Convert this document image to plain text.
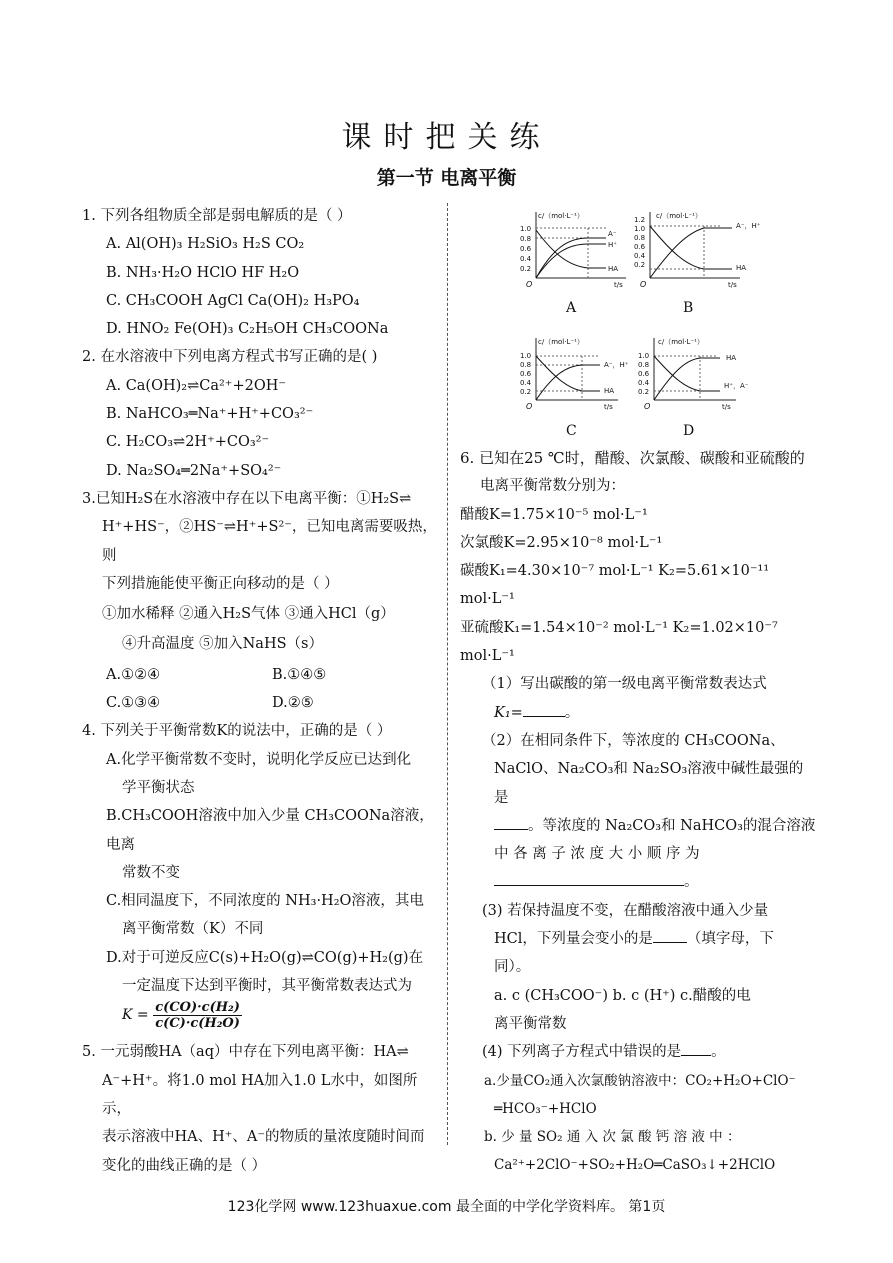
课时把关练
第一节 电离平衡

1. 下列各组物质全部是弱电解质的是（ ）

A. Al(OH)₃ H₂SiO₃ H₂S CO₂
B. NH₃·H₂O HClO HF H₂O
C. CH₃COOH AgCl Ca(OH)₂ H₃PO₄
D. HNO₂ Fe(OH)₃ C₂H₅OH CH₃COONa

2. 在水溶液中下列电离方程式书写正确的是( )

A. Ca(OH)₂⇌Ca²⁺+2OH⁻
B. NaHCO₃═Na⁺+H⁺+CO₃²⁻
C. H₂CO₃⇌2H⁺+CO₃²⁻
D. Na₂SO₄═2Na⁺+SO₄²⁻

3.已知H₂S在水溶液中存在以下电离平衡：①H₂S⇌

H⁺+HS⁻，②HS⁻⇌H⁺+S²⁻，已知电离需要吸热，则

下列措施能使平衡正向移动的是（ ）

①加水稀释 ②通入H₂S气体 ③通入HCl（g）
④升高温度 ⑤加入NaHS（s）
A.①②④	B.①④⑤
C.①③④	D.②⑤

4. 下列关于平衡常数K的说法中，正确的是（ ）

A.化学平衡常数不变时，说明化学反应已达到化
学平衡状态
B.CH₃COOH溶液中加入少量 CH₃COONa溶液，电离
常数不变
C.相同温度下，不同浓度的 NH₃·H₂O溶液，其电
离平衡常数（K）不同
D.对于可逆反应C(s)+H₂O(g)⇌CO(g)+H₂(g)在
一定温度下达到平衡时，其平衡常数表达式为
$K = \frac{\text{c(CO)·c(H₂)}}{\text{c(C)·c(H₂O)}}$

5. 一元弱酸HA（aq）中存在下列电离平衡：HA⇌

A⁻+H⁺。将1.0 mol HA加入1.0 L水中，如图所示，

表示溶液中HA、H⁺、A⁻的物质的量浓度随时间而

变化的曲线正确的是（ ）

c/（mol·L⁻¹）
1.0
0.8
0.6
0.4
0.2
A⁻
H⁺
HA
O	t/s
A
c/（mol·L⁻¹）
1.2
1.0
0.8
0.6
0.4
0.2
A⁻，H⁺
HA
O	t/s
B
c/（mol·L⁻¹）
1.0
0.8
0.6
0.4
0.2
A⁻，H⁺
HA
O	t/s
C
c/（mol·L⁻¹）
1.0
0.8
0.6
0.4
0.2
HA
H⁺，A⁻
O	t/s
D
6. 已知在25 ℃时，醋酸、次氯酸、碳酸和亚硫酸的
电离平衡常数分别为：
醋酸K=1.75×10⁻⁵ mol·L⁻¹
次氯酸K=2.95×10⁻⁸ mol·L⁻¹
碳酸K₁=4.30×10⁻⁷ mol·L⁻¹ K₂=5.61×10⁻¹¹
mol·L⁻¹
亚硫酸K₁=1.54×10⁻² mol·L⁻¹ K₂=1.02×10⁻⁷
mol·L⁻¹
（1）写出碳酸的第一级电离平衡常数表达式
K₁=	。
（2）在相同条件下，等浓度的 CH₃COONa、
NaClO、Na₂CO₃和 Na₂SO₃溶液中碱性最强的是
。等浓度的 Na₂CO₃和 NaHCO₃的混合溶液
中 各 离 子 浓 度 大 小 顺 序 为
。
(3) 若保持温度不变，在醋酸溶液中通入少量
HCl，下列量会变小的是 （填字母，下
同）。
a. c (CH₃COO⁻) b. c (H⁺) c.醋酸的电
离平衡常数
(4) 下列离子方程式中错误的是 。
a.少量CO₂通入次氯酸钠溶液中：CO₂+H₂O+ClO⁻
═HCO₃⁻+HClO
b. 少 量 SO₂ 通 入 次 氯 酸 钙 溶 液 中 ：
Ca²⁺+2ClO⁻+SO₂+H₂O═CaSO₃↓+2HClO
123化学网 www.123huaxue.com 最全面的中学化学资料库。 第1页
